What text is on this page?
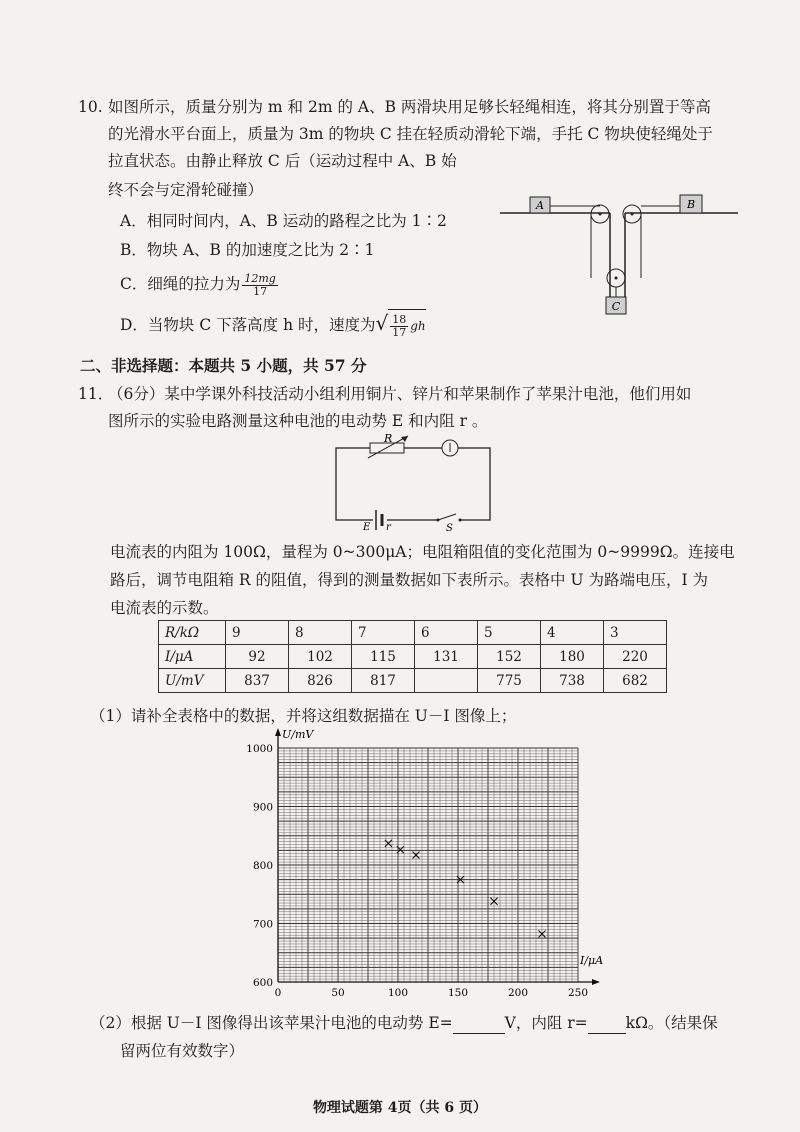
10. 如图所示，质量分别为 m 和 2m 的 A、B 两滑块用足够长轻绳相连，将其分别置于等高
的光滑水平台面上，质量为 3m 的物块 C 挂在轻质动滑轮下端，手托 C 物块使轻绳处于
拉直状态。由静止释放 C 后（运动过程中 A、B 始
终不会与定滑轮碰撞）
A．相同时间内，A、B 运动的路程之比为 1∶2
B．物块 A、B 的加速度之比为 2∶1
C．细绳的拉力为 $\frac{12mg}{17}$
D．当物块 C 下落高度 h 时，速度为√ $\frac{18}{17}$ gh
A	B
C
二、非选择题：本题共 5 小题，共 57 分
11．
（6分）某中学课外科技活动小组利用铜片、锌片和苹果制作了苹果汁电池，他们用如
图所示的实验电路测量这种电池的电动势 E 和内阻 r 。
R
E r	S
电流表的内阻为 100Ω，量程为 0~300μA；电阻箱阻值的变化范围为 0~9999Ω。连接电
路后，调节电阻箱 R 的阻值，得到的测量数据如下表所示。表格中 U 为路端电压，I 为
电流表的示数。
R/kΩ	9	8	7	6	5	4	3
I/μA	92	102	115	131	152	180	220
U/mV	837	826	817		775	738	682
（1）请补全表格中的数据，并将这组数据描在 U－I 图像上；
0	50	100	150	200	250
600
700
800
900
1000
U/mV
I/μA
（2）根据 U－I 图像得出该苹果汁电池的电动势 E=	V，内阻 r= kΩ。（结果保
留两位有效数字）
物理试题第 4页（共 6 页）
